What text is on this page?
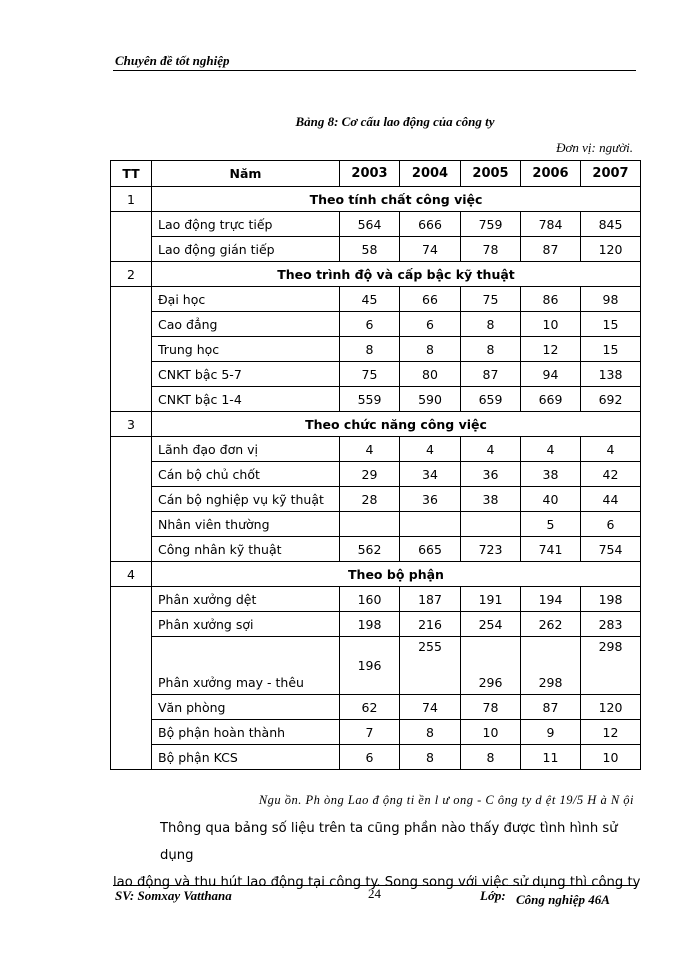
Chuyên đề tốt nghiệp
Bảng 8: Cơ cấu lao động của công ty
Đơn vị: người.
TT	Năm	2003	2004	2005	2006	2007
1	Theo tính chất công việc					
	Lao động trực tiếp	564	666	759	784	845
	Lao động gián tiếp	58	74	78	87	120
2	Theo trình độ và cấp bậc kỹ thuật					
	Đại học	45	66	75	86	98
	Cao đẳng	6	6	8	10	15
	Trung học	8	8	8	12	15
	CNKT bậc 5-7	75	80	87	94	138
	CNKT bậc 1-4	559	590	659	669	692
3	Theo chức năng công việc					
	Lãnh đạo đơn vị	4	4	4	4	4
	Cán bộ chủ chốt	29	34	36	38	42
	Cán bộ nghiệp vụ kỹ thuật	28	36	38	40	44
	Nhân viên thường				5	6
	Công nhân kỹ thuật	562	665	723	741	754
4	Theo bộ phận					
	Phân xưởng dệt	160	187	191	194	198
	Phân xưởng sợi	198	216	254	262	283
	Phân xưởng may - thêu	196	255	296	298	298
	Văn phòng	62	74	78	87	120
	Bộ phận hoàn thành	7	8	10	9	12
	Bộ phận KCS	6	8	8	11	10
Ngu ồn. Ph òng Lao đ ộng ti ền l ư ong - C ông ty d ệt 19/5 H à N ội
Thông qua bảng số liệu trên ta cũng phần nào thấy được tình hình sử dụng
lao động và thu hút lao động tại công ty. Song song với việc sử dụng thì công ty
SV: Somxay Vatthana	24	Lớp: Công nghiệp 46A
